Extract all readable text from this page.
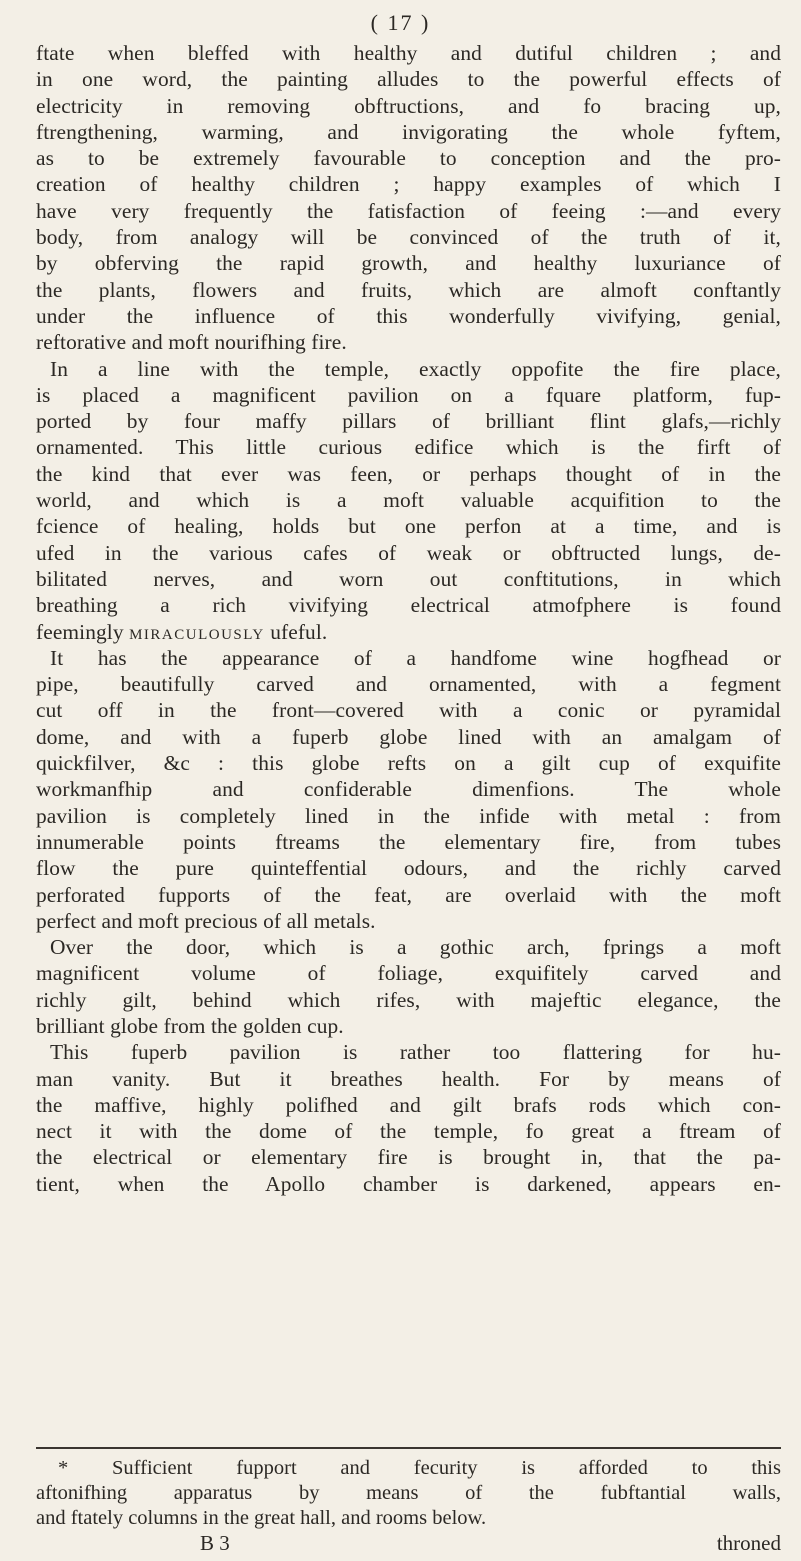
( 17 )
ftate when bleffed with healthy and dutiful children ; and
in one word, the painting alludes to the powerful effects of
electricity in removing obftructions, and fo bracing up,
ftrengthening, warming, and invigorating the whole fyftem,
as to be extremely favourable to conception and the pro-
creation of healthy children ; happy examples of which I
have very frequently the fatisfaction of feeing :—and every
body, from analogy will be convinced of the truth of it,
by obferving the rapid growth, and healthy luxuriance of
the plants, flowers and fruits, which are almoft conftantly
under the influence of this wonderfully vivifying, genial,
reftorative and moft nourifhing fire.
In a line with the temple, exactly oppofite the fire place,
is placed a magnificent pavilion on a fquare platform, fup-
ported by four maffy pillars of brilliant flint glafs,—richly
ornamented. This little curious edifice which is the firft of
the kind that ever was feen, or perhaps thought of in the
world, and which is a moft valuable acquifition to the
fcience of healing, holds but one perfon at a time, and is
ufed in the various cafes of weak or obftructed lungs, de-
bilitated nerves, and worn out conftitutions, in which
breathing a rich vivifying electrical atmofphere is found
feemingly miraculously ufeful.
It has the appearance of a handfome wine hogfhead or
pipe, beautifully carved and ornamented, with a fegment
cut off in the front—covered with a conic or pyramidal
dome, and with a fuperb globe lined with an amalgam of
quickfilver, &c : this globe refts on a gilt cup of exquifite
workmanfhip and confiderable dimenfions. The whole
pavilion is completely lined in the infide with metal : from
innumerable points ftreams the elementary fire, from tubes
flow the pure quinteffential odours, and the richly carved
perforated fupports of the feat, are overlaid with the moft
perfect and moft precious of all metals.
Over the door, which is a gothic arch, fprings a moft
magnificent volume of foliage, exquifitely carved and
richly gilt, behind which rifes, with majeftic elegance, the
brilliant globe from the golden cup.
This fuperb pavilion is rather too flattering for hu-
man vanity. But it breathes health. For by means of
the maffive, highly polifhed and gilt brafs rods which con-
nect it with the dome of the temple, fo great a ftream of
the electrical or elementary fire is brought in, that the pa-
tient, when the Apollo chamber is darkened, appears en-
* Sufficient fupport and fecurity is afforded to this
aftonifhing apparatus by means of the fubftantial walls,
and ftately columns in the great hall, and rooms below.
B 3	throned
